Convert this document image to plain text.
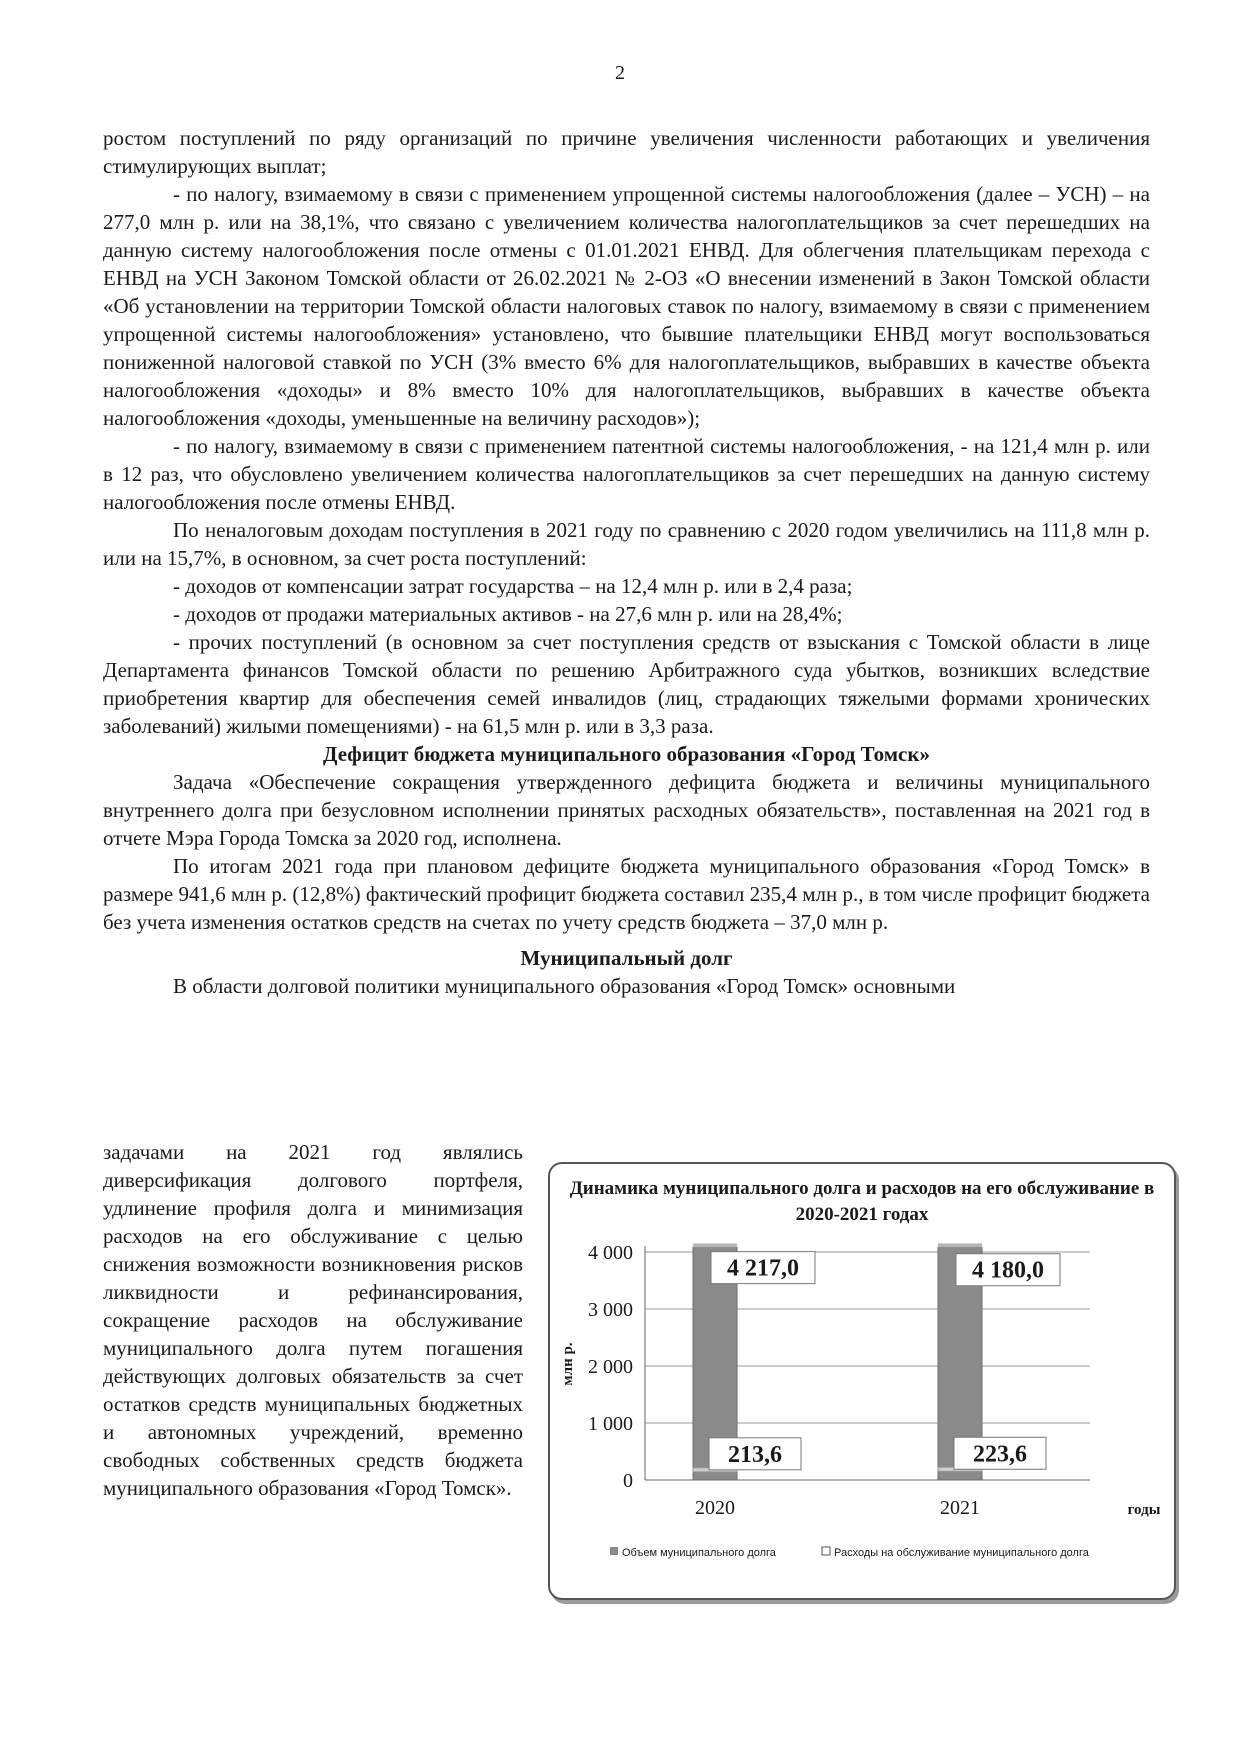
2

ростом поступлений по ряду организаций по причине увеличения численности работающих и увеличения стимулирующих выплат;

- по налогу, взимаемому в связи с применением упрощенной системы налогообложения (далее – УСН) – на 277,0 млн р. или на 38,1%, что связано с увеличением количества налогоплательщиков за счет перешедших на данную систему налогообложения после отмены с 01.01.2021 ЕНВД. Для облегчения плательщикам перехода с ЕНВД на УСН Законом Томской области от 26.02.2021 № 2-ОЗ «О внесении изменений в Закон Томской области «Об установлении на территории Томской области налоговых ставок по налогу, взимаемому в связи с применением упрощенной системы налогообложения» установлено, что бывшие плательщики ЕНВД могут воспользоваться пониженной налоговой ставкой по УСН (3% вместо 6% для налогоплательщиков, выбравших в качестве объекта налогообложения «доходы» и 8% вместо 10% для налогоплательщиков, выбравших в качестве объекта налогообложения «доходы, уменьшенные на величину расходов»);

- по налогу, взимаемому в связи с применением патентной системы налогообложения, - на 121,4 млн р. или в 12 раз, что обусловлено увеличением количества налогоплательщиков за счет перешедших на данную систему налогообложения после отмены ЕНВД.

По неналоговым доходам поступления в 2021 году по сравнению с 2020 годом увеличились на 111,8 млн р. или на 15,7%, в основном, за счет роста поступлений:

- доходов от компенсации затрат государства – на 12,4 млн р. или в 2,4 раза;

- доходов от продажи материальных активов - на 27,6 млн р. или на 28,4%;

- прочих поступлений (в основном за счет поступления средств от взыскания с Томской области в лице Департамента финансов Томской области по решению Арбитражного суда убытков, возникших вследствие приобретения квартир для обеспечения семей инвалидов (лиц, страдающих тяжелыми формами хронических заболеваний) жилыми помещениями) - на 61,5 млн р. или в 3,3 раза.

Дефицит бюджета муниципального образования «Город Томск»

Задача «Обеспечение сокращения утвержденного дефицита бюджета и величины муниципального внутреннего долга при безусловном исполнении принятых расходных обязательств», поставленная на 2021 год в отчете Мэра Города Томска за 2020 год, исполнена.

По итогам 2021 года при плановом дефиците бюджета муниципального образования «Город Томск» в размере 941,6 млн р. (12,8%) фактический профицит бюджета составил 235,4 млн р., в том числе профицит бюджета без учета изменения остатков средств на счетах по учету средств бюджета – 37,0 млн р.

Муниципальный долг

В области долговой политики муниципального образования «Город Томск» основными

задачами на 2021 год являлись диверсификация долгового портфеля, удлинение профиля долга и минимизация расходов на его обслуживание с целью снижения возможности возникновения рисков ликвидности и рефинансирования, сокращение расходов на обслуживание муниципального долга путем погашения действующих долговых обязательств за счет остатков средств муниципальных бюджетных и автономных учреждений, временно свободных собственных средств бюджета муниципального образования «Город Томск».
Динамика муниципального долга и расходов на его обслуживание в 2020-2021 годах
0
1 000
2 000
3 000
4 000
млн р.
4 217,0
213,6
2020
4 180,0
223,6
2021	годы
Объем муниципального долга	Расходы на обслуживание муниципального долга
